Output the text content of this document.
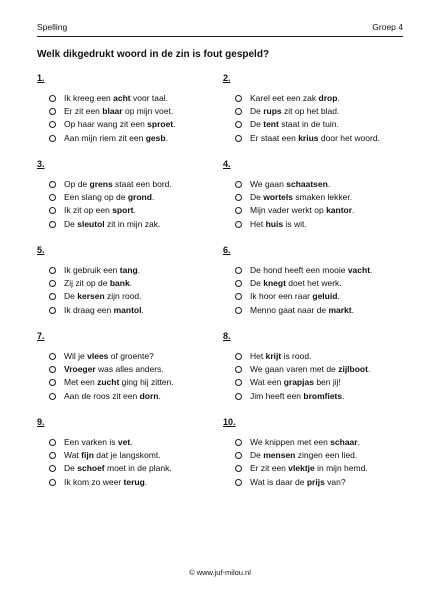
Spelling	Groep 4
Welk dikgedrukt woord in de zin is fout gespeld?
1.
Ik kreeg een acht voor taal.
Er zit een blaar op mijn voet.
Op haar wang zit een sproet.
Aan mijn riem zit een gesb.
2.
Karel eet een zak drop.
De rups zit op het blad.
De tent staat in de tuin.
Er staat een krius door het woord.
3.
Op de grens staat een bord.
Een slang op de grond.
Ik zit op een sport.
De sleutol zit in mijn zak.
4.
We gaan schaatsen.
De wortels smaken lekker.
Mijn vader werkt op kantor.
Het huis is wit.
5.
Ik gebruik een tang.
Zij zit op de bank.
De kersen zijn rood.
Ik draag een mantol.
6.
De hond heeft een mooie vacht.
De knegt doet het werk.
Ik hoor een raar geluid.
Menno gaat naar de markt.
7.
Wil je vlees of groente?
Vroeger was alles anders.
Met een zucht ging hij zitten.
Aan de roos zit een dorn.
8.
Het krijt is rood.
We gaan varen met de zijlboot.
Wat een grapjas ben jij!
Jim heeft een bromfiets.
9.
Een varken is vet.
Wat fijn dat je langskomt.
De schoef moet in de plank.
Ik kom zo weer terug.
10.
We knippen met een schaar.
De mensen zingen een lied.
Er zit een vlektje in mijn hemd.
Wat is daar de prijs van?
© www.juf-milou.nl
